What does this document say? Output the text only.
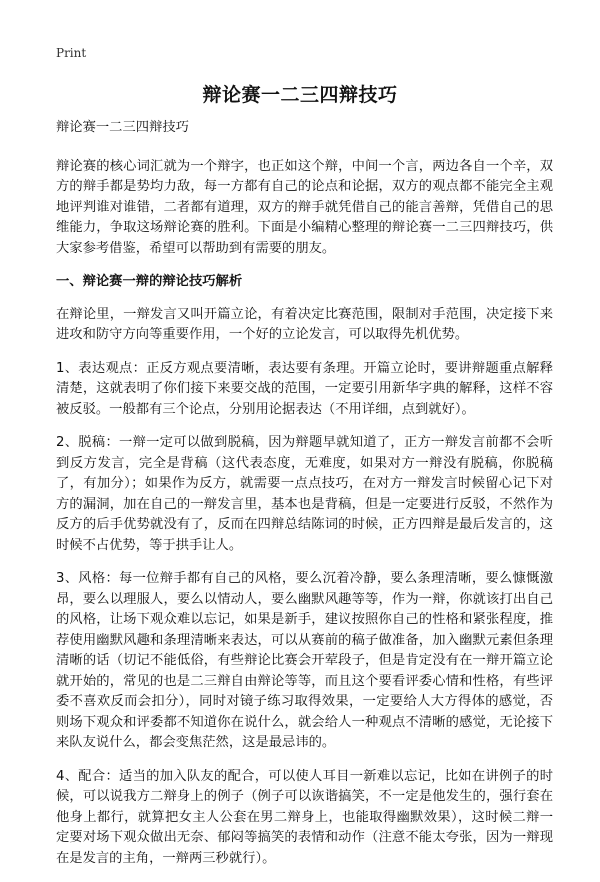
Print
辩论赛一二三四辩技巧

辩论赛一二三四辩技巧

辩论赛的核心词汇就为一个辩字，也正如这个辩，中间一个言，两边各自一个辛，双方的辩手都是势均力敌，每一方都有自己的论点和论据，双方的观点都不能完全主观地评判谁对谁错，二者都有道理，双方的辩手就凭借自己的能言善辩，凭借自己的思维能力，争取这场辩论赛的胜利。下面是小编精心整理的辩论赛一二三四辩技巧，供大家参考借鉴，希望可以帮助到有需要的朋友。

一、辩论赛一辩的辩论技巧解析

在辩论里，一辩发言又叫开篇立论，有着决定比赛范围，限制对手范围，决定接下来进攻和防守方向等重要作用，一个好的立论发言，可以取得先机优势。

1、表达观点：正反方观点要清晰，表达要有条理。开篇立论时，要讲辩题重点解释清楚，这就表明了你们接下来要交战的范围，一定要引用新华字典的解释，这样不容被反驳。一般都有三个论点，分别用论据表达（不用详细，点到就好）。

2、脱稿：一辩一定可以做到脱稿，因为辩题早就知道了，正方一辩发言前都不会听到反方发言，完全是背稿（这代表态度，无难度，如果对方一辩没有脱稿，你脱稿了，有加分）；如果作为反方，就需要一点点技巧，在对方一辩发言时候留心记下对方的漏洞，加在自己的一辩发言里，基本也是背稿，但是一定要进行反驳，不然作为反方的后手优势就没有了，反而在四辩总结陈词的时候，正方四辩是最后发言的，这时候不占优势，等于拱手让人。

3、风格：每一位辩手都有自己的风格，要么沉着冷静，要么条理清晰，要么慷慨激昂，要么以理服人，要么以情动人，要么幽默风趣等等，作为一辩，你就该打出自己的风格，让场下观众难以忘记，如果是新手，建议按照你自己的性格和紧张程度，推荐使用幽默风趣和条理清晰来表达，可以从赛前的稿子做准备，加入幽默元素但条理清晰的话（切记不能低俗，有些辩论比赛会开荤段子，但是肯定没有在一辩开篇立论就开始的，常见的也是二三辩自由辩论等等，而且这个要看评委心情和性格，有些评委不喜欢反而会扣分），同时对镜子练习取得效果，一定要给人大方得体的感觉，否则场下观众和评委都不知道你在说什么，就会给人一种观点不清晰的感觉，无论接下来队友说什么，都会变焦茫然，这是最忌讳的。

4、配合：适当的加入队友的配合，可以使人耳目一新难以忘记，比如在讲例子的时候，可以说我方二辩身上的例子（例子可以诙谐搞笑，不一定是他发生的，强行套在他身上都行，就算把女主人公套在男二辩身上，也能取得幽默效果），这时候二辩一定要对场下观众做出无奈、郁闷等搞笑的表情和动作（注意不能太夸张，因为一辩现在是发言的主角，一辩两三秒就行）。
